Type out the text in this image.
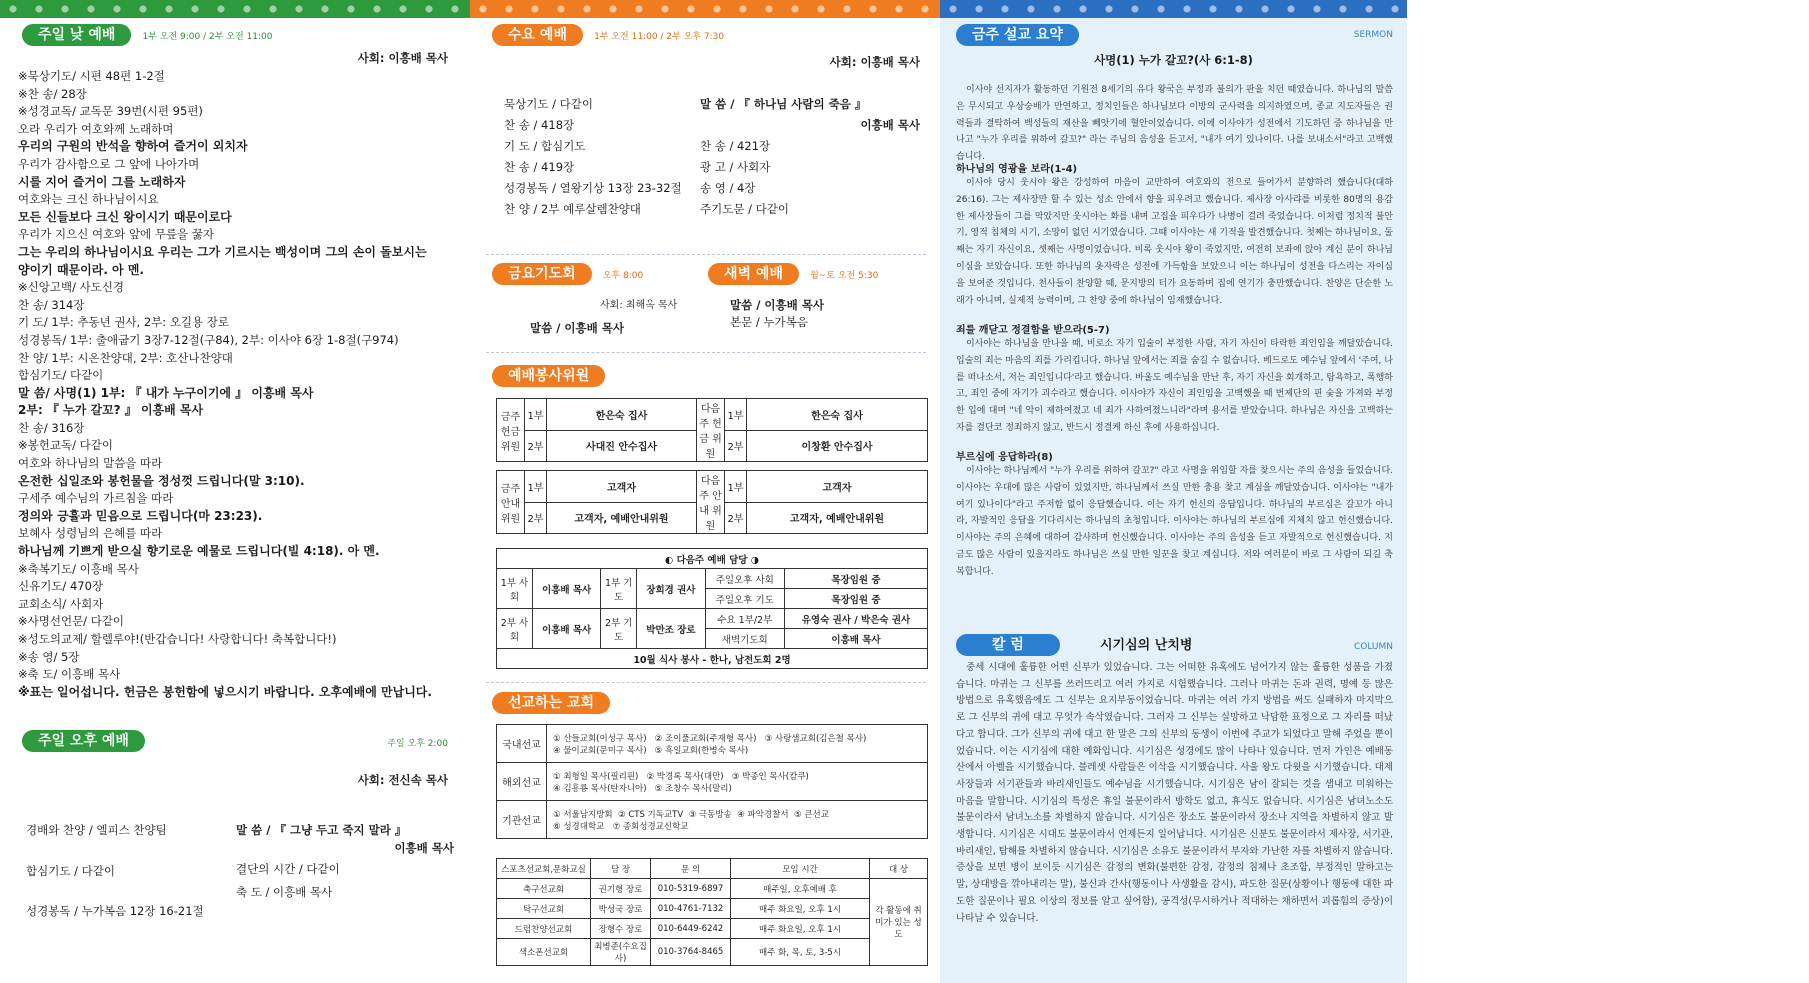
주일 낮 예배	1부 오전 9:00 / 2부 오전 11:00
사회: 이흥배 목사
※묵상기도/ 시편 48편 1-2절
※찬 송/ 28장
※성경교독/ 교독문 39번(시편 95편)
오라 우리가 여호와께 노래하며
우리의 구원의 반석을 향하여 즐거이 외치자
우리가 감사함으로 그 앞에 나아가며
시를 지어 즐거이 그를 노래하자
여호와는 크신 하나님이시요
모든 신들보다 크신 왕이시기 때문이로다
우리가 지으신 여호와 앞에 무릎을 꿇자
그는 우리의 하나님이시요 우리는 그가 기르시는 백성이며 그의 손이 돌보시는
양이기 때문이라. 아 멘.
※신앙고백/ 사도신경
찬 송/ 314장
기 도/ 1부: 추동년 권사, 2부: 오길용 장로
성경봉독/ 1부: 출애굽기 3장7-12절(구84), 2부: 이사야 6장 1-8절(구974)
찬 양/ 1부: 시온찬양대, 2부: 호산나찬양대
합심기도/ 다같이
말 씀/ 사명(1) 1부: 『 내가 누구이기에 』 이흥배 목사
2부: 『 누가 갈꼬? 』 이흥배 목사
찬 송/ 316장
※봉헌교독/ 다같이
여호와 하나님의 말씀을 따라
온전한 십일조와 봉헌물을 정성껏 드립니다(말 3:10).
구세주 예수님의 가르침을 따라
정의와 긍휼과 믿음으로 드립니다(마 23:23).
보혜사 성령님의 은혜를 따라
하나님께 기쁘게 받으실 향기로운 예물로 드립니다(빌 4:18). 아 멘.
※축복기도/ 이흥배 목사
신유기도/ 470장
교회소식/ 사회자
※사명선언문/ 다같이
※성도의교제/ 할렐루야!(반갑습니다! 사랑합니다! 축복합니다!)
※송 영/ 5장
※축 도/ 이흥배 목사
※표는 일어섭니다. 헌금은 봉헌함에 넣으시기 바랍니다. 오후예배에 만납니다.
주일 오후 예배	주일 오후 2:00
사회: 전신속 목사
경배와 찬양 / 엘피스 찬양팀
합심기도 / 다같이
성경봉독 / 누가복음 12장 16-21절
말 씀 / 『 그냥 두고 죽지 말라 』
이흥배 목사
결단의 시간 / 다같이
축 도 / 이흥배 목사
수요 예배	1부 오전 11:00 / 2부 오후 7:30
사회: 이흥배 목사
묵상기도 / 다같이
찬 송 / 418장
기 도 / 합심기도
찬 송 / 419장
성경봉독 / 열왕기상 13장 23-32절
찬 양 / 2부 예루살렘찬양대
말 씀 / 『 하나님 사람의 죽음 』
이흥배 목사
찬 송 / 421장
광 고 / 사회자
송 영 / 4장
주기도문 / 다같이
금요기도회	오후 8:00
사회: 최해옥 목사
말씀 / 이흥배 목사
새벽 예배	월~토 오전 5:30
말씀 / 이흥배 목사
본문 / 누가복음
예배봉사위원
금주 헌금 위원	1부	한은숙 집사	다음주 헌금 위원	1부	한은숙 집사
	2부	사대진 안수집사		2부	이창환 안수집사
금주 안내 위원	1부	고객자	다음주 안내 위원	1부	고객자
	2부	고객자, 예배안내위원		2부	고객자, 예배안내위원
◐ 다음주 예배 담당 ◑					
1부 사회	이흥배 목사	1부 기도	장희경 권사	주일오후 사회	목장임원 중
				주일오후 기도	목장임원 중
2부 사회	이흥배 목사	2부 기도	박만조 장로	수요 1부/2부	유영숙 권사 / 박은숙 권사
				새벽기도회	이흥배 목사
10월 식사 봉사 - 한나, 남전도회 2명					
선교하는 교회
국내선교	① 산들교회(이성구 목사) ② 조이풀교회(주재형 목사) ③ 사랑샘교회(김은철 목사)
④ 물이교회(문미구 목사) ⑤ 흑일교회(한병숙 목사)
해외선교	① 최형일 목사(필리핀) ② 박경록 목사(대만) ③ 박종인 목사(캄쿠)
④ 김흥룡 목사(탄자니아) ⑤ 조창수 목사(말리)
기관선교	① 서울남지방회 ② CTS 기독교TV ③ 극동방송 ④ 파악경찰서 ⑤ 큰선교
⑥ 성경대학교 ⑦ 종회성경교신학교
스포츠선교회,문화교실	담 장	문 의	모임 시간	대 상
축구선교회	권기형 장로	010-5319-6897	매주일, 오후예배 후	각 활동에 취미가 있는 성도
탁구선교회	박성국 장로	010-4761-7132	매주 화요일, 오후 1시	
드럼찬양선교회	장형수 장로	010-6449-6242	매주 화요일, 오후 1시	
색소폰선교회	최병준(수요집사)	010-3764-8465	매주 화, 목, 토, 3-5시	
금주 설교 요약	SERMON
사명(1) 누가 갈꼬?(사 6:1-8)

이사야 선지자가 활동하던 기원전 8세기의 유다 왕국은 부정과 불의가 판을 치던 때였습니다. 하나님의 말씀은 무시되고 우상숭배가 만연하고, 정치인들은 하나님보다 이방의 군사력을 의지하였으며, 종교 지도자들은 권력들과 결탁하여 백성들의 재산을 빼앗기에 혈안이었습니다. 이에 이사야가 성전에서 기도하던 중 하나님을 만나고 "누가 우리를 위하여 갈꼬?" 라는 주님의 음성을 듣고서, "내가 여기 있나이다. 나를 보내소서"라고 고백했습니다.

하나님의 영광을 보라(1-4)

이사야 당시 웃시야 왕은 강성하여 마음이 교만하여 여호와의 전으로 들어가서 분향하려 했습니다(대하 26:16). 그는 제사장만 할 수 있는 성소 안에서 향을 피우려고 했습니다. 제사장 아사랴를 비롯한 80명의 용감한 제사장들이 그를 막았지만 웃시야는 화를 내며 고집을 피우다가 나병이 걸려 죽었습니다. 이처럼 정치적 불안기, 영적 침체의 시기, 소망이 없던 시기였습니다. 그때 이사야는 새 기적을 발견했습니다. 첫째는 하나님이요, 둘째는 자기 자신이요, 셋째는 사명이었습니다. 비록 웃시야 왕이 죽었지만, 여전히 보좌에 앉아 계신 분이 하나님이심을 보았습니다. 또한 하나님의 옷자락은 성전에 가득함을 보았으니 이는 하나님이 성전을 다스리는 자이심을 보여준 것입니다. 천사들이 찬양할 때, 문지방의 터가 요동하며 집에 연기가 충만했습니다. 찬양은 단순한 노래가 아니며, 실제적 능력이며, 그 찬양 중에 하나님이 임재했습니다.

죄를 깨닫고 정결함을 받으라(5-7)

이사야는 하나님을 만나을 때, 비로소 자기 입술이 부정한 사람, 자기 자신이 타락한 죄인임을 깨달았습니다. 입술의 죄는 마음의 죄를 가리킵니다. 하나님 앞에서는 죄를 숨길 수 없습니다. 베드로도 예수님 앞에서 '주여, 나를 떠나소서, 저는 죄인입니다'라고 했습니다. 바울도 예수님을 만난 후, 자기 자신을 회개하고, 탐욕하고, 폭행하고, 죄인 중에 자기가 괴수라고 했습니다. 이사야가 자신이 죄인임을 고백했을 때 번제단의 핀 숯을 가져와 부정한 입에 대며 "네 악이 제하여졌고 네 죄가 사하여졌느니라"라며 용서를 받았습니다. 하나님은 자신을 고백하는 자를 결단코 정죄하지 않고, 반드시 정결케 하신 후에 사용하십니다.

부르심에 응답하라(8)

이사야는 하나님께서 "누가 우리를 위하여 갈꼬?" 라고 사명을 위임할 자를 찾으시는 주의 음성을 들었습니다. 이사야는 우대에 많은 사람이 있었지만, 하나님께서 쓰실 만한 충용 찾고 계심을 깨달았습니다. 이사야는 "내가 여기 있나이다"라고 주저함 없이 응답했습니다. 이는 자기 헌신의 응답입니다. 하나님의 부르심은 갈꼬가 아니라, 자발적인 응답을 기다리시는 하나님의 초청입니다. 이사야는 하나님의 부르심에 지체치 않고 헌신했습니다. 이사야는 주의 은혜에 대하여 감사하며 헌신했습니다. 이사야는 주의 음성을 듣고 자발적으로 헌신했습니다. 지금도 많은 사람이 있을지라도 하나님은 쓰실 만한 일꾼을 찾고 계십니다. 저와 여러분이 바로 그 사람이 되길 축복합니다.

칼 럼	시기심의 난치병	COLUMN

중세 시대에 훌륭한 어떤 신부가 있었습니다. 그는 어떠한 유혹에도 넘어가지 않는 훌륭한 성품을 가졌습니다. 마귀는 그 신부를 쓰러뜨리고 여러 가지로 시험했습니다. 그러나 마귀는 돈과 권력, 명예 등 많은 방법으로 유혹했음에도 그 신부는 요지부동이었습니다. 마귀는 여러 가지 방법을 써도 실패하자 마지막으로 그 신부의 귀에 대고 무엇가 속삭였습니다. 그러자 그 신부는 실망하고 낙담한 표정으로 그 자리를 떠났다고 합니다. 그가 신부의 귀에 대고 한 말은 그의 신부의 동생이 이번에 주교가 되었다고 말해 주었을 뿐이었습니다. 이는 시기심에 대한 예화입니다. 시기심은 성경에도 많이 나타나 있습니다. 먼저 가인은 예배동산에서 아벨을 시기했습니다. 블레셋 사람들은 이삭을 시기했습니다. 사울 왕도 다윗을 시기했습니다. 대제사장들과 서기관들과 바리새인들도 예수님을 시기했습니다. 시기심은 남이 잘되는 것을 샘내고 미워하는 마음을 말합니다. 시기심의 특성은 휴일 불문이라서 방학도 없고, 휴식도 없습니다. 시기심은 남녀노소도 불문이라서 남녀노소를 차별하지 않습니다. 시기심은 장소도 불문이라서 장소나 지역을 차별하지 않고 발생합니다. 시기심은 시대도 불문이라서 언제든지 일어납니다. 시기심은 신분도 불문이라서 제사장, 서기관, 바리새인, 탐해를 차별하지 않습니다. 시기심은 소유도 불문이라서 부자와 가난한 자를 차별하지 않습니다. 증상을 보면 병이 보이듯 시기심은 감정의 변화(불편한 감정, 감정의 침체나 초조함, 부정적인 말하고는 말, 상대방을 깎아내리는 말), 불신과 간사(행동이나 사생활을 감시), 파도한 질문(상황이나 행동에 대한 파도한 질문이나 필요 이상의 정보를 알고 싶어함), 공격성(무시하거나 적대하는 채하면서 괴롭힘의 증상)이 나타날 수 있습니다.
